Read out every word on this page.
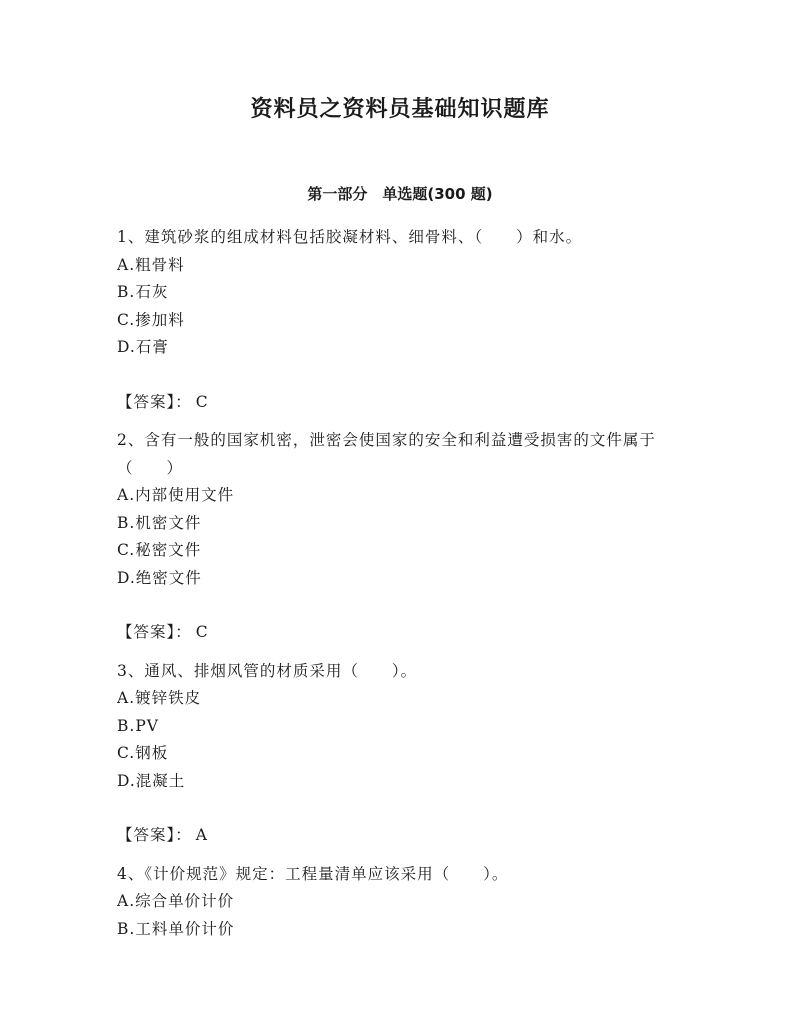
资料员之资料员基础知识题库
第一部分　单选题(300 题)

1、建筑砂浆的组成材料包括胶凝材料、细骨料、（　　）和水。

A.粗骨料
B.石灰
C.掺加料
D.石膏
【答案】： C

2、含有一般的国家机密，泄密会使国家的安全和利益遭受损害的文件属于（　　）

A.内部使用文件
B.机密文件
C.秘密文件
D.绝密文件
【答案】： C

3、通风、排烟风管的材质采用（　　）。

A.镀锌铁皮
B.PV
C.钢板
D.混凝土
【答案】： A

4、《计价规范》规定：工程量清单应该采用（　　）。

A.综合单价计价
B.工料单价计价
